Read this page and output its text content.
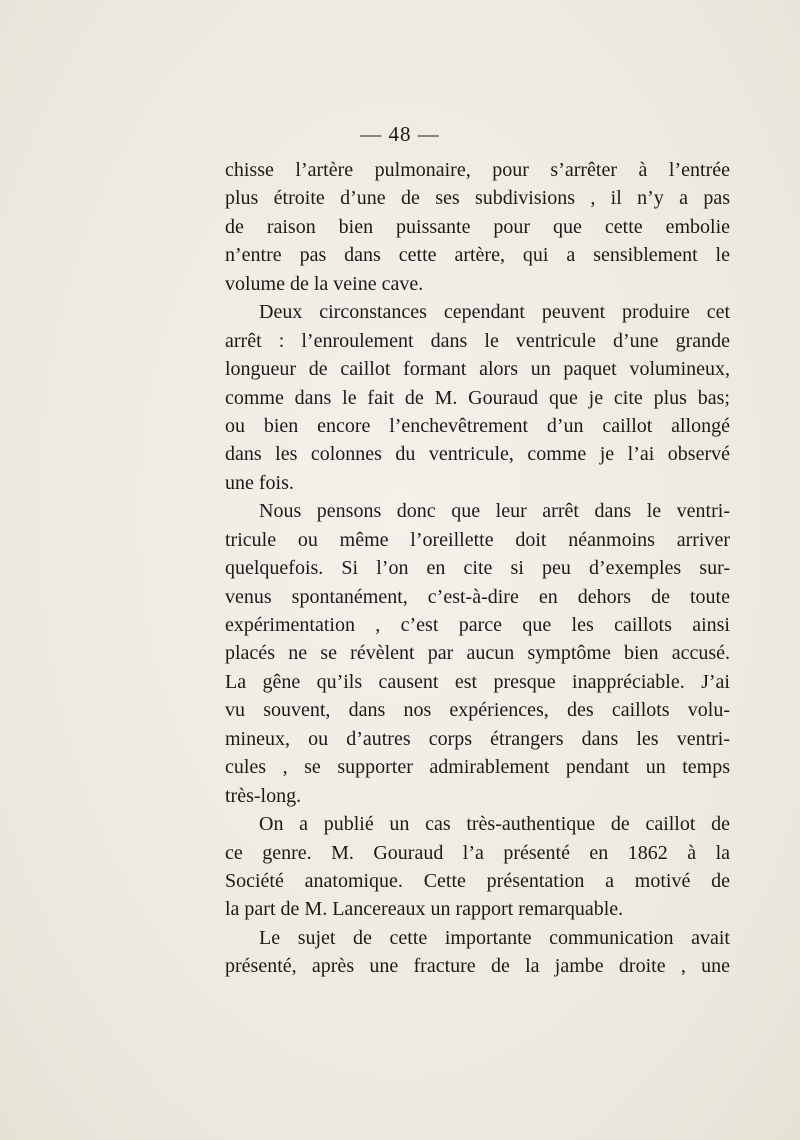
— 48 —
chisse l’artère pulmonaire, pour s’arrêter à l’entrée
plus étroite d’une de ses subdivisions , il n’y a pas
de raison bien puissante pour que cette embolie
n’entre pas dans cette artère, qui a sensiblement le
volume de la veine cave.
Deux circonstances cependant peuvent produire cet
arrêt : l’enroulement dans le ventricule d’une grande
longueur de caillot formant alors un paquet volumineux,
comme dans le fait de M. Gouraud que je cite plus bas;
ou bien encore l’enchevêtrement d’un caillot allongé
dans les colonnes du ventricule, comme je l’ai observé
une fois.
Nous pensons donc que leur arrêt dans le ventri-
tricule ou même l’oreillette doit néanmoins arriver
quelquefois. Si l’on en cite si peu d’exemples sur-
venus spontanément, c’est-à-dire en dehors de toute
expérimentation , c’est parce que les caillots ainsi
placés ne se révèlent par aucun symptôme bien accusé.
La gêne qu’ils causent est presque inappréciable. J’ai
vu souvent, dans nos expériences, des caillots volu-
mineux, ou d’autres corps étrangers dans les ventri-
cules , se supporter admirablement pendant un temps
très-long.
On a publié un cas très-authentique de caillot de
ce genre. M. Gouraud l’a présenté en 1862 à la
Société anatomique. Cette présentation a motivé de
la part de M. Lancereaux un rapport remarquable.
Le sujet de cette importante communication avait
présenté, après une fracture de la jambe droite , une
